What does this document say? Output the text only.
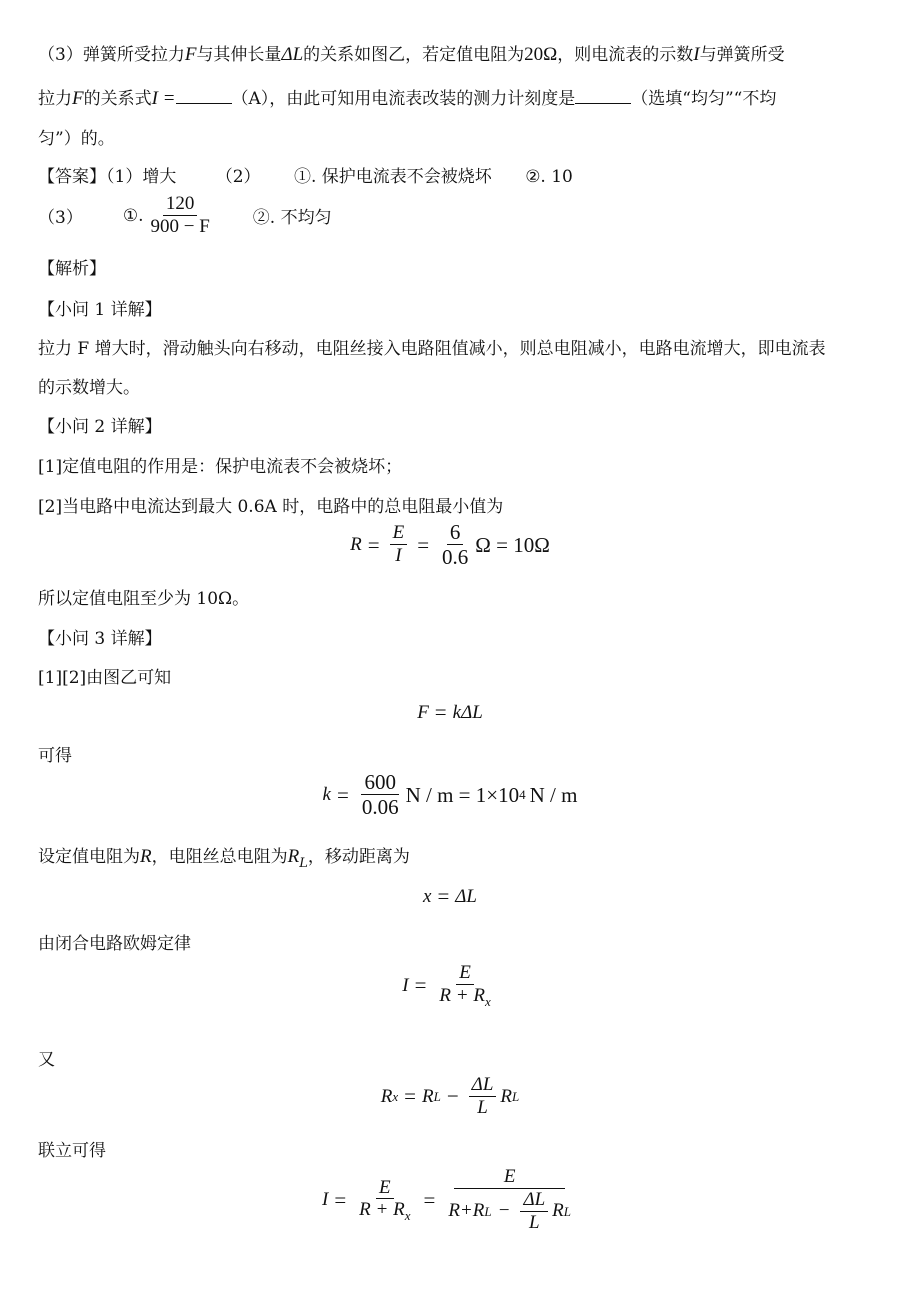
（3）弹簧所受拉力F与其伸长量ΔL的关系如图乙，若定值电阻为20Ω，则电流表的示数I与弹簧所受
拉力F的关系式I =	（A），由此可知用电流表改装的测力计刻度是	（选填“均匀”“不均
匀”）的。
【答案】（1）增大 （2） ①. 保护电流表不会被烧坏 ②. 10
（3） ①. $\frac{120}{900 - F}$ ②. 不均匀
【解析】
【小问 1 详解】
拉力 F 增大时，滑动触头向右移动，电阻丝接入电路阻值减小，则总电阻减小，电路电流增大，即电流表
的示数增大。
【小问 2 详解】
[1]定值电阻的作用是：保护电流表不会被烧坏；
[2]当电路中电流达到最大 0.6A 时，电路中的总电阻最小值为
$R = \frac{E}{I} = \frac{6}{0.6}$ Ω = 10Ω
所以定值电阻至少为 10Ω。
【小问 3 详解】
[1][2]由图乙可知
F = kΔL
可得
$k = \frac{600}{0.06}$ N / m = 1×10 4 N / m
设定值电阻为R，电阻丝总电阻为$R_L$，移动距离为
x = ΔL
由闭合电路欧姆定律
$I = \frac{E}{R + R_x}$
又
R x = R $L - \frac{\Delta L}{L}$ R L
联立可得
$I = \frac{E}{R + R_x} = \frac{E}{R+R L - \frac{\Delta L}{L} R L}$
